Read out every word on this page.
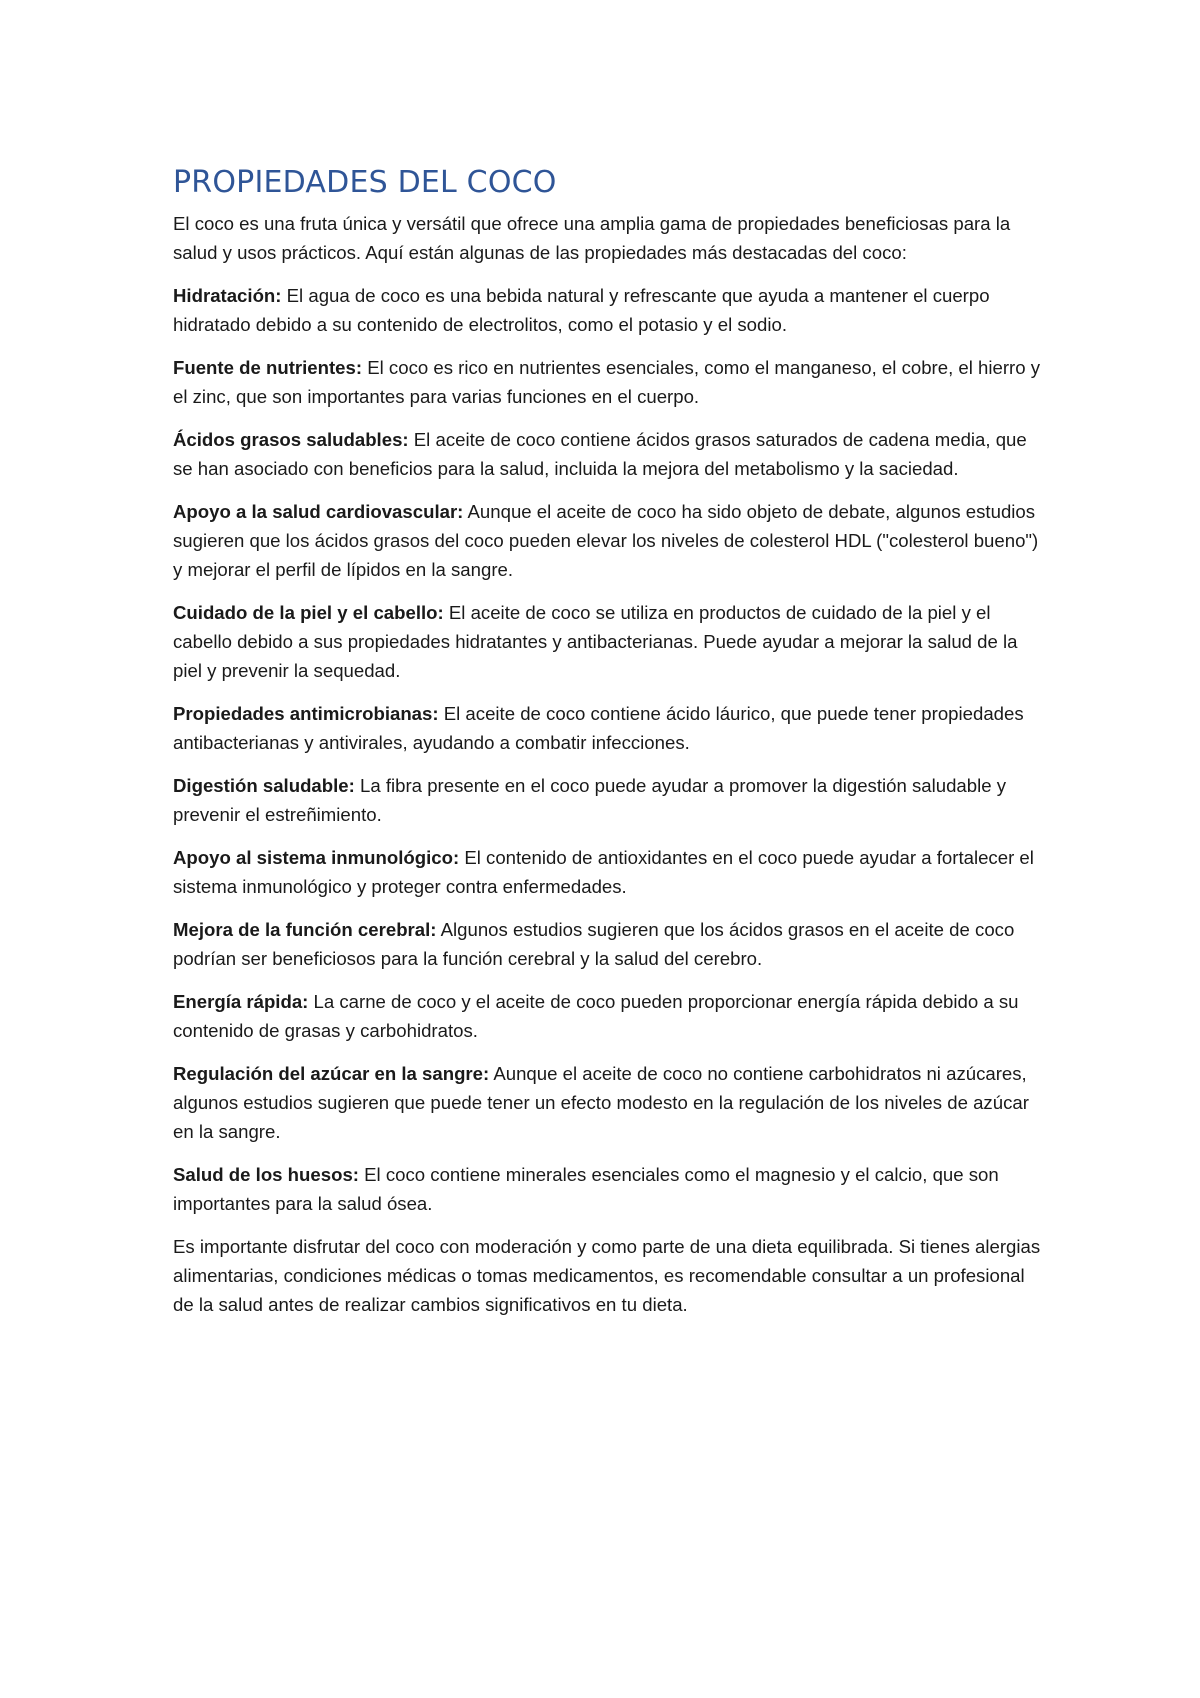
PROPIEDADES DEL COCO

El coco es una fruta única y versátil que ofrece una amplia gama de propiedades beneficiosas para la salud y usos prácticos. Aquí están algunas de las propiedades más destacadas del coco:

Hidratación: El agua de coco es una bebida natural y refrescante que ayuda a mantener el cuerpo hidratado debido a su contenido de electrolitos, como el potasio y el sodio.

Fuente de nutrientes: El coco es rico en nutrientes esenciales, como el manganeso, el cobre, el hierro y el zinc, que son importantes para varias funciones en el cuerpo.

Ácidos grasos saludables: El aceite de coco contiene ácidos grasos saturados de cadena media, que se han asociado con beneficios para la salud, incluida la mejora del metabolismo y la saciedad.

Apoyo a la salud cardiovascular: Aunque el aceite de coco ha sido objeto de debate, algunos estudios sugieren que los ácidos grasos del coco pueden elevar los niveles de colesterol HDL ("colesterol bueno") y mejorar el perfil de lípidos en la sangre.

Cuidado de la piel y el cabello: El aceite de coco se utiliza en productos de cuidado de la piel y el cabello debido a sus propiedades hidratantes y antibacterianas. Puede ayudar a mejorar la salud de la piel y prevenir la sequedad.

Propiedades antimicrobianas: El aceite de coco contiene ácido láurico, que puede tener propiedades antibacterianas y antivirales, ayudando a combatir infecciones.

Digestión saludable: La fibra presente en el coco puede ayudar a promover la digestión saludable y prevenir el estreñimiento.

Apoyo al sistema inmunológico: El contenido de antioxidantes en el coco puede ayudar a fortalecer el sistema inmunológico y proteger contra enfermedades.

Mejora de la función cerebral: Algunos estudios sugieren que los ácidos grasos en el aceite de coco podrían ser beneficiosos para la función cerebral y la salud del cerebro.

Energía rápida: La carne de coco y el aceite de coco pueden proporcionar energía rápida debido a su contenido de grasas y carbohidratos.

Regulación del azúcar en la sangre: Aunque el aceite de coco no contiene carbohidratos ni azúcares, algunos estudios sugieren que puede tener un efecto modesto en la regulación de los niveles de azúcar en la sangre.

Salud de los huesos: El coco contiene minerales esenciales como el magnesio y el calcio, que son importantes para la salud ósea.

Es importante disfrutar del coco con moderación y como parte de una dieta equilibrada. Si tienes alergias alimentarias, condiciones médicas o tomas medicamentos, es recomendable consultar a un profesional de la salud antes de realizar cambios significativos en tu dieta.
